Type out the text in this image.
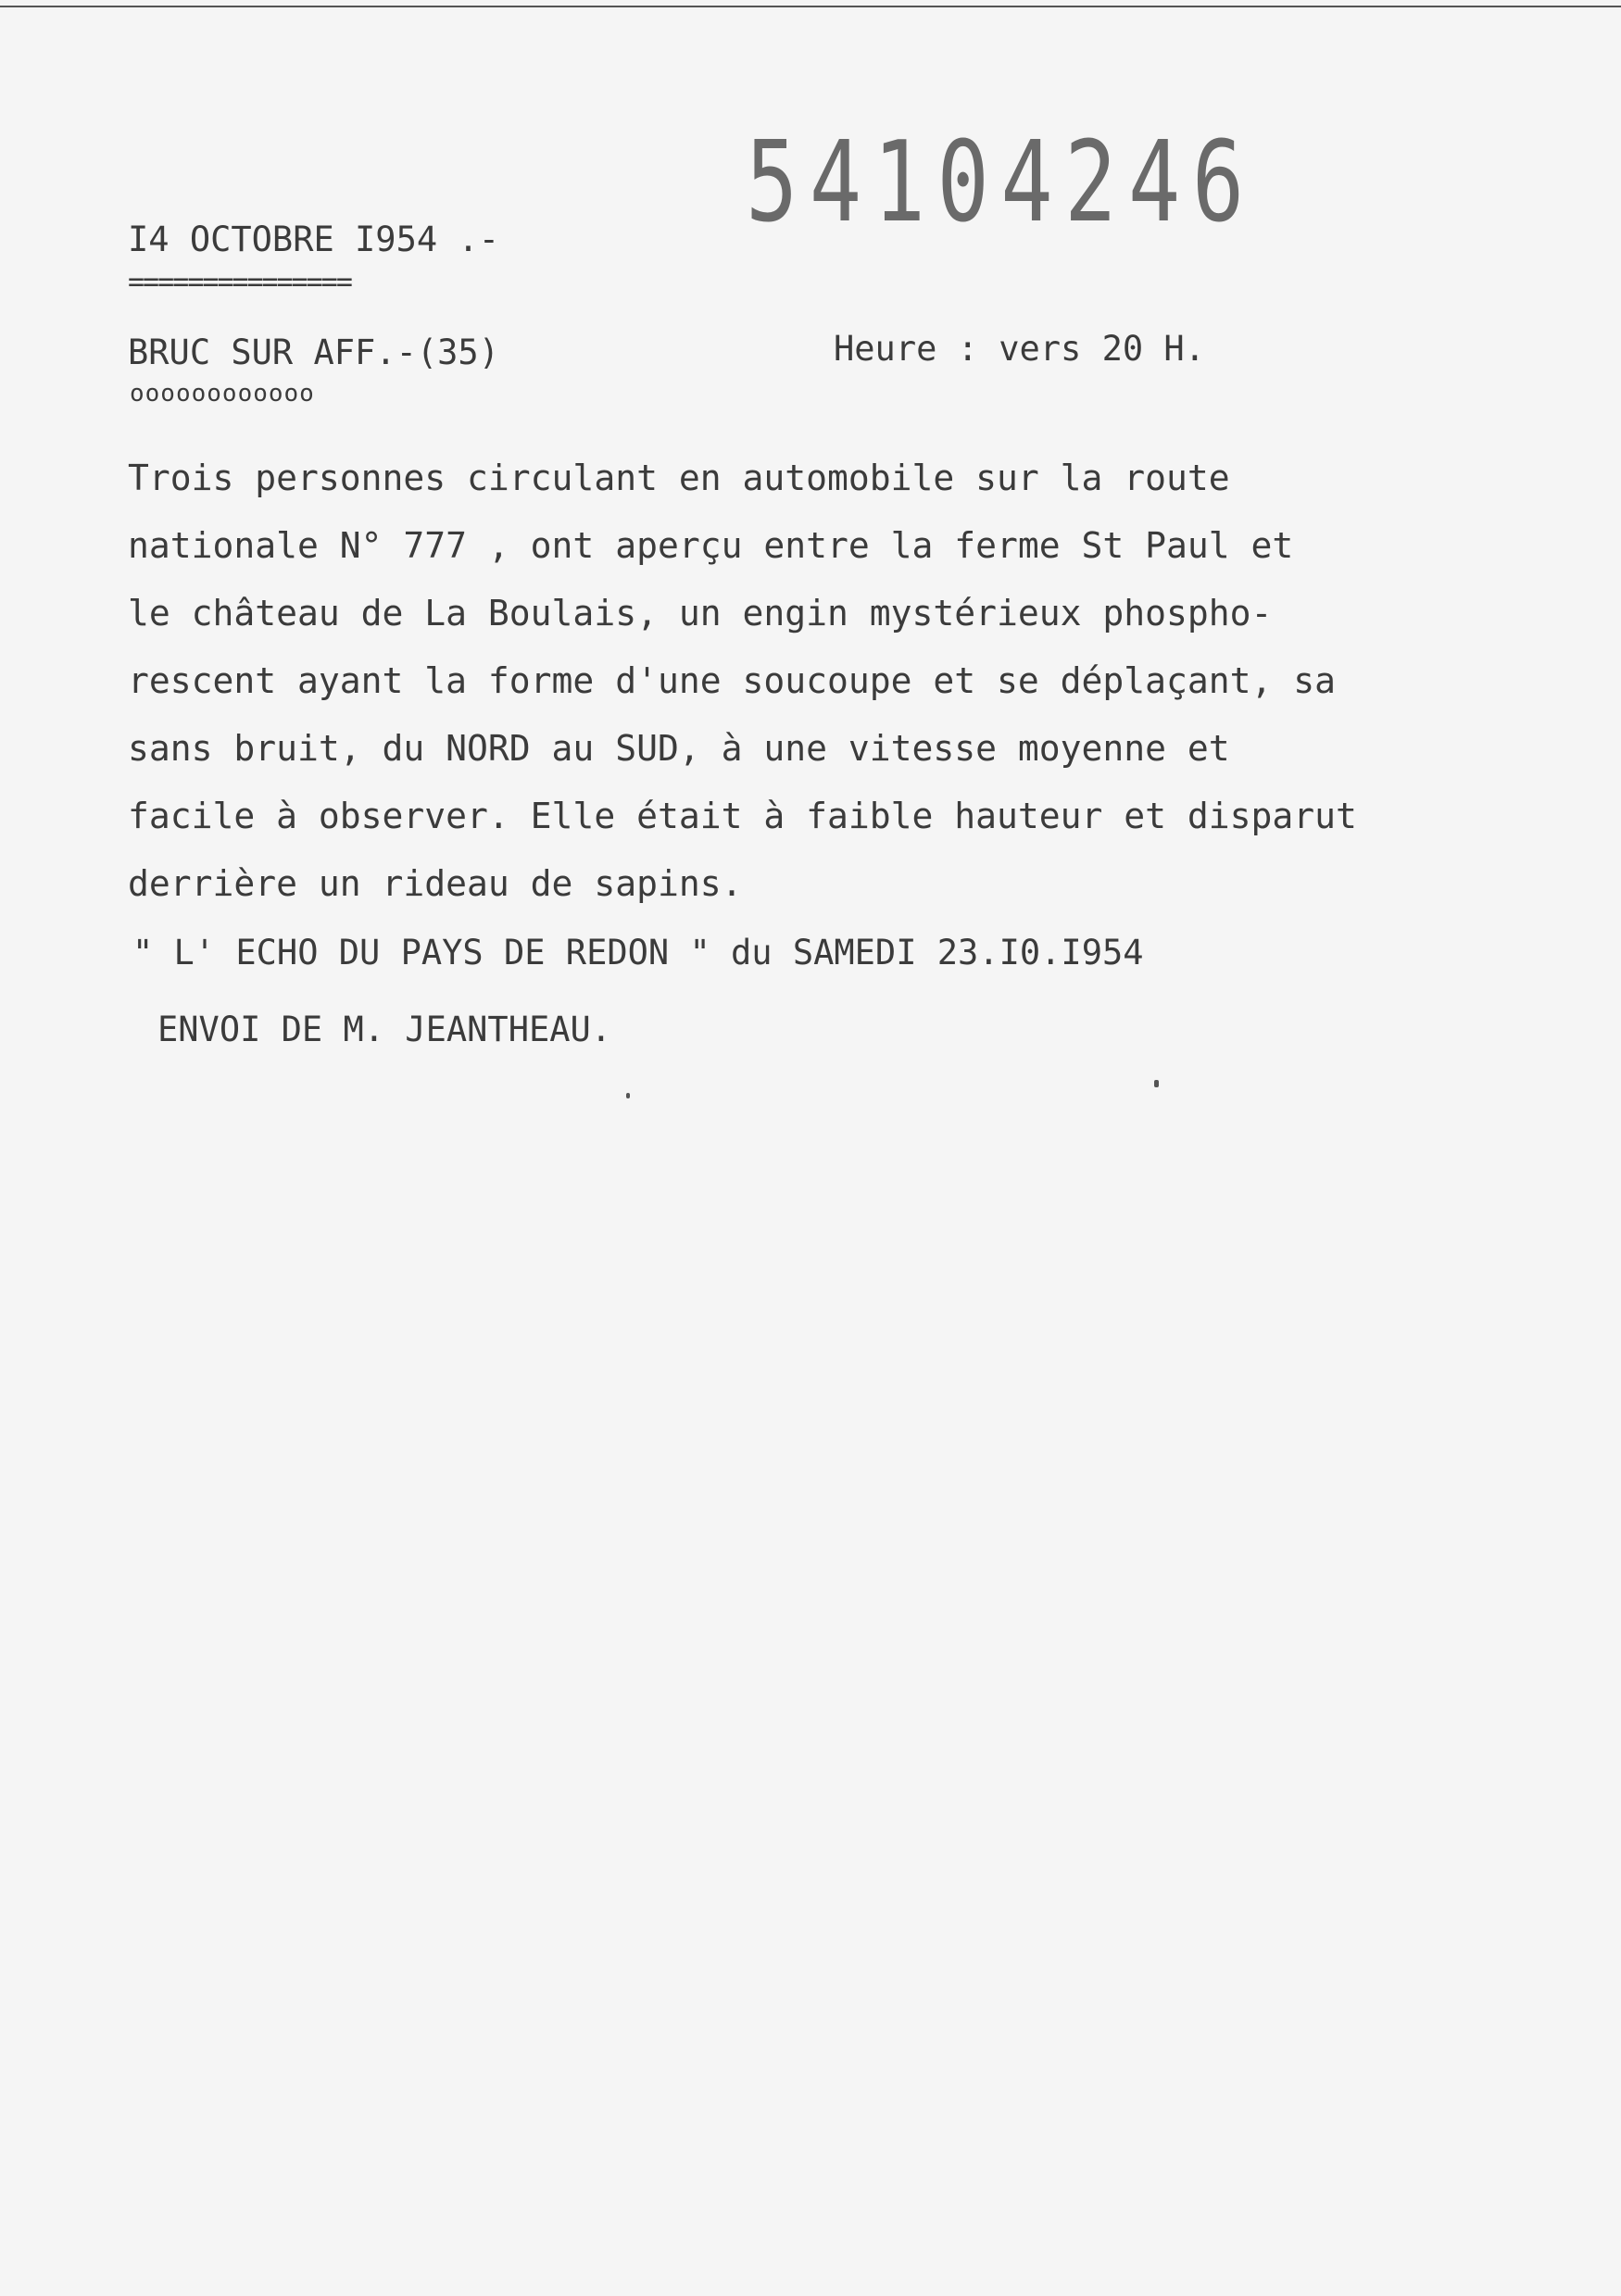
54104246
I4 OCTOBRE I954 .-
===============
BRUC SUR AFF.-(35)
oooooooooooo
Heure : vers 20 H.
Trois personnes circulant en automobile sur la route
nationale N° 777 , ont aperçu entre la ferme St Paul et
le château de La Boulais, un engin mystérieux phospho-
rescent ayant la forme d'une soucoupe et se déplaçant, sa
sans bruit, du NORD au SUD, à une vitesse moyenne et
facile à observer. Elle était à faible hauteur et disparut
derrière un rideau de sapins.
" L' ECHO DU PAYS DE REDON " du SAMEDI 23.I0.I954
ENVOI DE M. JEANTHEAU.
